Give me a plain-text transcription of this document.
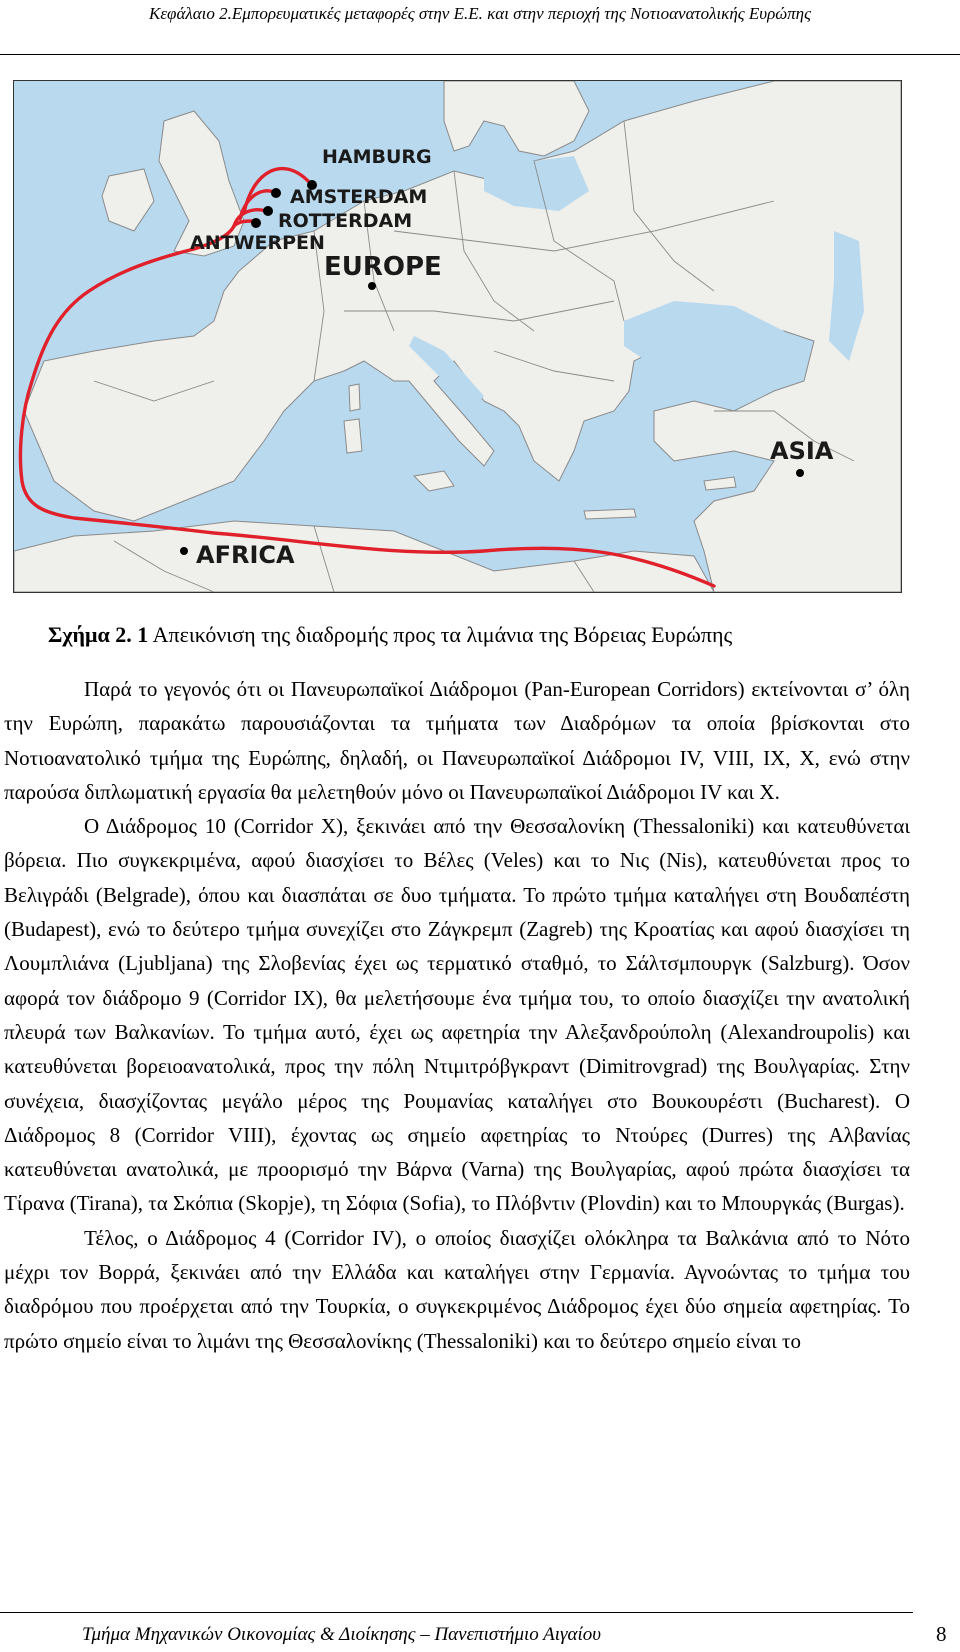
Κεφάλαιο 2.Εμπορευματικές μεταφορές στην Ε.Ε. και στην περιοχή της Νοτιοανατολικής Ευρώπης
HAMBURG
AMSTERDAM
ROTTERDAM
ANTWERPEN
EUROPE
ASIA
AFRICA
Σχήμα 2. 1 Απεικόνιση της διαδρομής προς τα λιμάνια της Βόρειας Ευρώπης

Παρά το γεγονός ότι οι Πανευρωπαϊκοί Διάδρομοι (Pan-European Corridors) εκτείνονται σ’ όλη την Ευρώπη, παρακάτω παρουσιάζονται τα τμήματα των Διαδρόμων τα οποία βρίσκονται στο Νοτιοανατολικό τμήμα της Ευρώπης, δηλαδή, οι Πανευρωπαϊκοί Διάδρομοι IV, VIII, IX, X, ενώ στην παρούσα διπλωματική εργασία θα μελετηθούν μόνο οι Πανευρωπαϊκοί Διάδρομοι IV και X.

Ο Διάδρομος 10 (Corridor X), ξεκινάει από την Θεσσαλονίκη (Thessaloniki) και κατευθύνεται βόρεια. Πιο συγκεκριμένα, αφού διασχίσει το Βέλες (Veles) και το Νις (Nis), κατευθύνεται προς το Βελιγράδι (Belgrade), όπου και διασπάται σε δυο τμήματα. Το πρώτο τμήμα καταλήγει στη Βουδαπέστη (Budapest), ενώ το δεύτερο τμήμα συνεχίζει στο Ζάγκρεμπ (Zagreb) της Κροατίας και αφού διασχίσει τη Λουμπλιάνα (Ljubljana) της Σλοβενίας έχει ως τερματικό σταθμό, το Σάλτσμπουργκ (Salzburg). Όσον αφορά τον διάδρομο 9 (Corridor IX), θα μελετήσουμε ένα τμήμα του, το οποίο διασχίζει την ανατολική πλευρά των Βαλκανίων. Το τμήμα αυτό, έχει ως αφετηρία την Αλεξανδρούπολη (Alexandroupolis) και κατευθύνεται βορειοανατολικά, προς την πόλη Ντιμιτρόβγκραντ (Dimitrovgrad) της Βουλγαρίας. Στην συνέχεια, διασχίζοντας μεγάλο μέρος της Ρουμανίας καταλήγει στο Βουκουρέστι (Bucharest). Ο Διάδρομος 8 (Corridor VIII), έχοντας ως σημείο αφετηρίας το Ντούρες (Durres) της Αλβανίας κατευθύνεται ανατολικά, με προορισμό την Βάρνα (Varna) της Βουλγαρίας, αφού πρώτα διασχίσει τα Τίρανα (Tirana), τα Σκόπια (Skopje), τη Σόφια (Sofia), το Πλόβντιν (Plovdin) και το Μπουργκάς (Burgas).

Τέλος, ο Διάδρομος 4 (Corridor IV), ο οποίος διασχίζει ολόκληρα τα Βαλκάνια από το Νότο μέχρι τον Βορρά, ξεκινάει από την Ελλάδα και καταλήγει στην Γερμανία. Αγνοώντας το τμήμα του διαδρόμου που προέρχεται από την Τουρκία, ο συγκεκριμένος Διάδρομος έχει δύο σημεία αφετηρίας. Το πρώτο σημείο είναι το λιμάνι της Θεσσαλονίκης (Thessaloniki) και το δεύτερο σημείο είναι το

Τμήμα Μηχανικών Οικονομίας & Διοίκησης – Πανεπιστήμιο Αιγαίου	8
